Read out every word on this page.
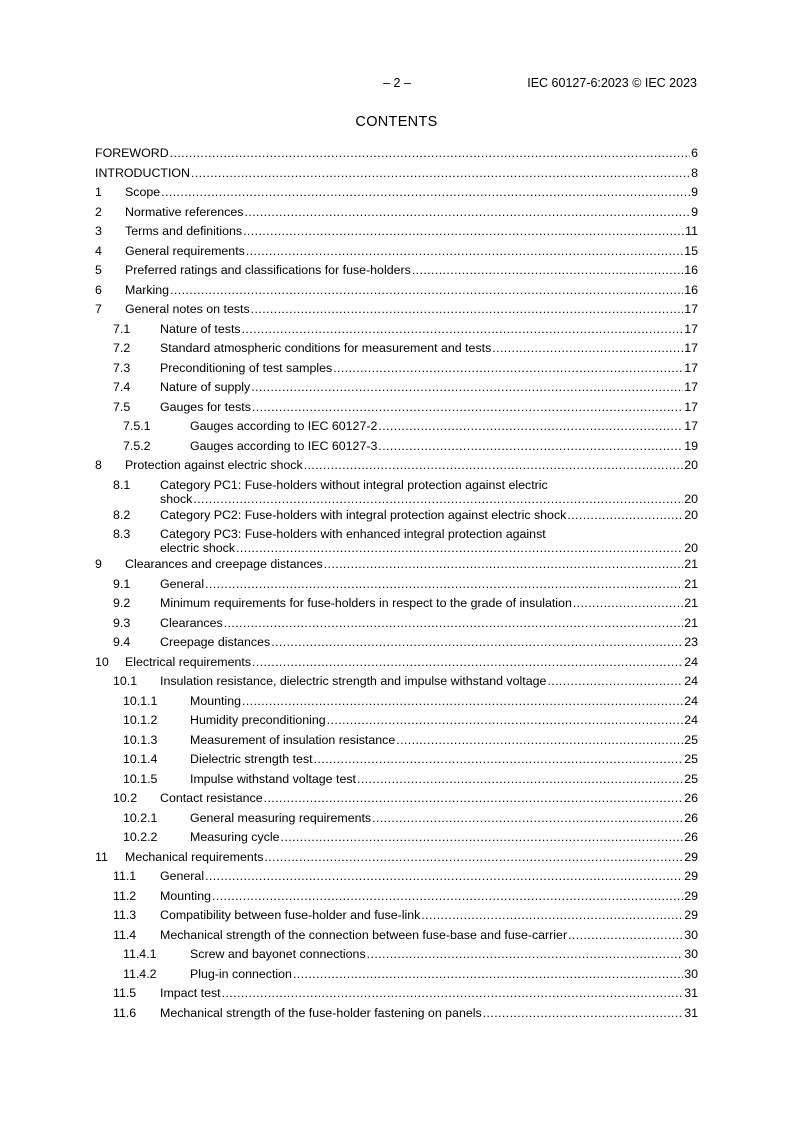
– 2 –	IEC 60127-6:2023 © IEC 2023
CONTENTS
FOREWORD .....	6
INTRODUCTION .....	8
1 Scope .....	9
2 Normative references .....	9
3 Terms and definitions .....	11
4 General requirements .....	15
5 Preferred ratings and classifications for fuse-holders .....	16
6 Marking .....	16
7 General notes on tests .....	17
7.1 Nature of tests .....	17
7.2 Standard atmospheric conditions for measurement and tests .....	17
7.3 Preconditioning of test samples .....	17
7.4 Nature of supply .....	17
7.5 Gauges for tests .....	17
7.5.1	Gauges according to IEC 60127-2 .....	17
7.5.2	Gauges according to IEC 60127-3 .....	19
8 Protection against electric shock .....	20
8.1 Category PC1: Fuse-holders without integral protection against electric
shock .....	20
8.2 Category PC2: Fuse-holders with integral protection against electric shock .....	20
8.3 Category PC3: Fuse-holders with enhanced integral protection against
electric shock .....	20
9 Clearances and creepage distances .....	21
9.1 General .....	21
9.2 Minimum requirements for fuse-holders in respect to the grade of insulation .....	21
9.3 Clearances .....	21
9.4 Creepage distances .....	23
10 Electrical requirements .....	24
10.1 Insulation resistance, dielectric strength and impulse withstand voltage .....	24
10.1.1	Mounting .....	24
10.1.2	Humidity preconditioning .....	24
10.1.3	Measurement of insulation resistance .....	25
10.1.4	Dielectric strength test .....	25
10.1.5	Impulse withstand voltage test .....	25
10.2 Contact resistance .....	26
10.2.1	General measuring requirements .....	26
10.2.2	Measuring cycle .....	26
11 Mechanical requirements .....	29
11.1 General .....	29
11.2 Mounting .....	29
11.3 Compatibility between fuse-holder and fuse-link .....	29
11.4 Mechanical strength of the connection between fuse-base and fuse-carrier .....	30
11.4.1	Screw and bayonet connections .....	30
11.4.2	Plug-in connection .....	30
11.5 Impact test .....	31
11.6 Mechanical strength of the fuse-holder fastening on panels .....	31
